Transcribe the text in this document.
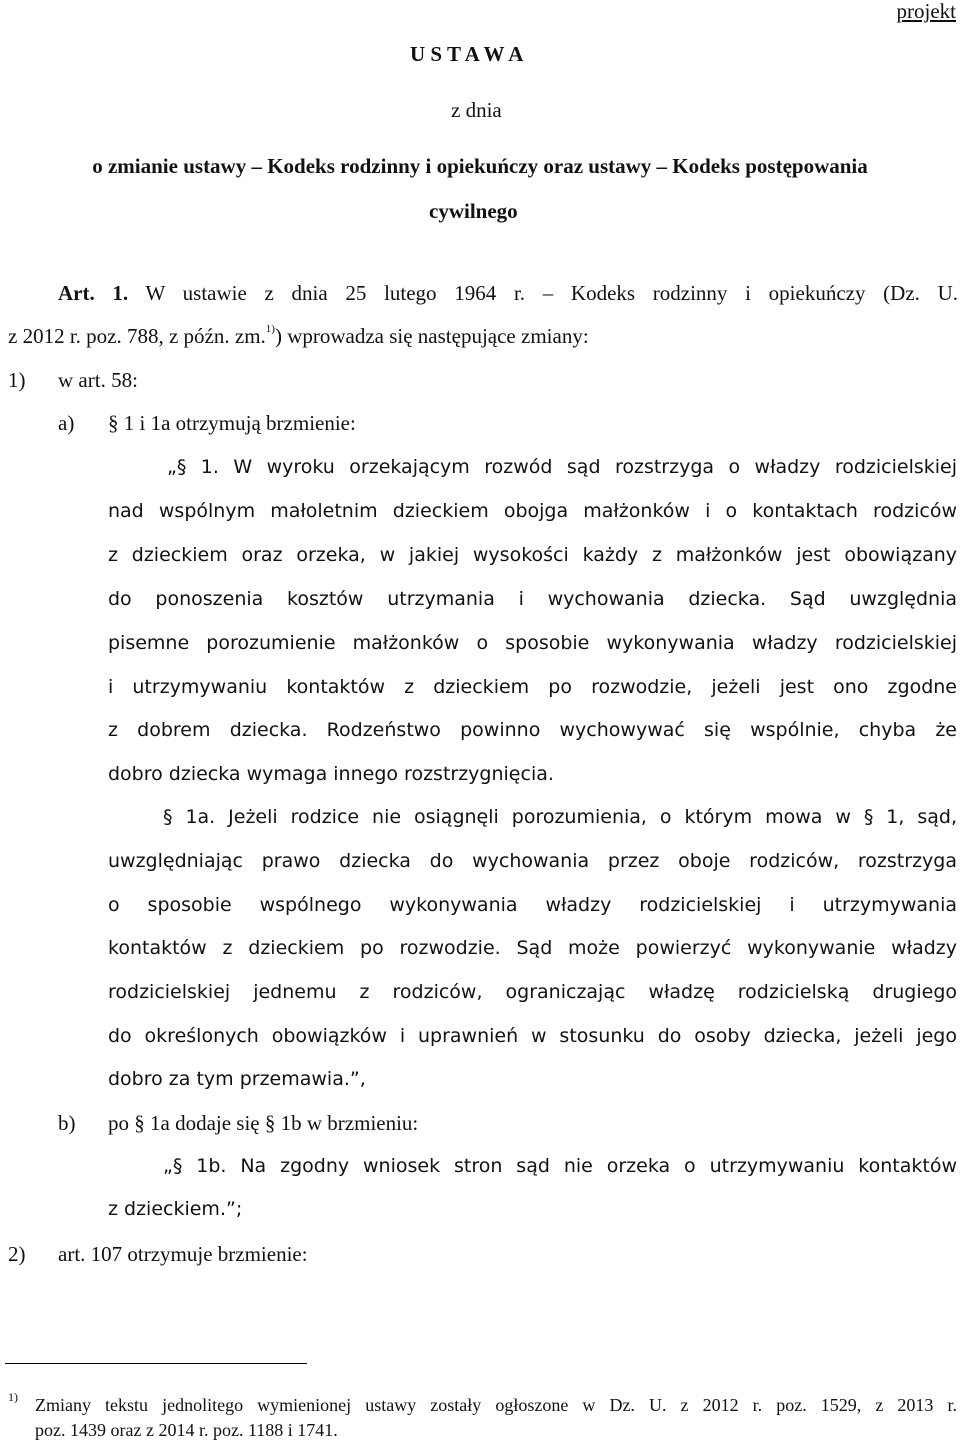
projekt
U S T A W A
z dnia
o zmianie ustawy – Kodeks rodzinny i opiekuńczy oraz ustawy – Kodeks postępowania
cywilnego
Art. 1. W ustawie z dnia 25 lutego 1964 r. – Kodeks rodzinny i opiekuńczy (Dz. U.
z 2012 r. poz. 788, z późn. zm.$^{1)}$) wprowadza się następujące zmiany:
1) w art. 58:
a) § 1 i 1a otrzymują brzmienie:
„§ 1. W wyroku orzekającym rozwód sąd rozstrzyga o władzy rodzicielskiej
nad wspólnym małoletnim dzieckiem obojga małżonków i o kontaktach rodziców
z dzieckiem oraz orzeka, w jakiej wysokości każdy z małżonków jest obowiązany
do ponoszenia kosztów utrzymania i wychowania dziecka. Sąd uwzględnia
pisemne porozumienie małżonków o sposobie wykonywania władzy rodzicielskiej
i utrzymywaniu kontaktów z dzieckiem po rozwodzie, jeżeli jest ono zgodne
z dobrem dziecka. Rodzeństwo powinno wychowywać się wspólnie, chyba że
dobro dziecka wymaga innego rozstrzygnięcia.
§ 1a. Jeżeli rodzice nie osiągnęli porozumienia, o którym mowa w § 1, sąd,
uwzględniając prawo dziecka do wychowania przez oboje rodziców, rozstrzyga
o sposobie wspólnego wykonywania władzy rodzicielskiej i utrzymywania
kontaktów z dzieckiem po rozwodzie. Sąd może powierzyć wykonywanie władzy
rodzicielskiej jednemu z rodziców, ograniczając władzę rodzicielską drugiego
do określonych obowiązków i uprawnień w stosunku do osoby dziecka, jeżeli jego
dobro za tym przemawia.”,
b) po § 1a dodaje się § 1b w brzmieniu:
„§ 1b. Na zgodny wniosek stron sąd nie orzeka o utrzymywaniu kontaktów
z dzieckiem.”;
2) art. 107 otrzymuje brzmienie:
1) Zmiany tekstu jednolitego wymienionej ustawy zostały ogłoszone w Dz. U. z 2012 r. poz. 1529, z 2013 r.
poz. 1439 oraz z 2014 r. poz. 1188 i 1741.
